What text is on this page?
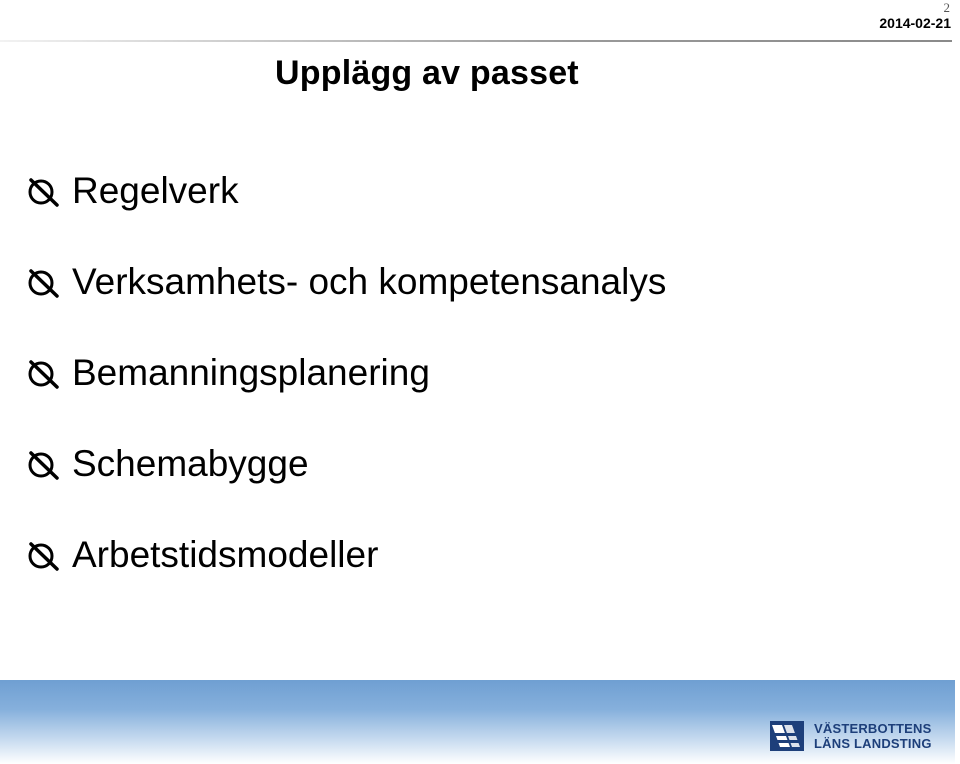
2
2014-02-21
Upplägg av passet
Regelverk
Verksamhets- och kompetensanalys
Bemanningsplanering
Schemabygge
Arbetstidsmodeller
VÄSTERBOTTENS
LÄNS LANDSTING
